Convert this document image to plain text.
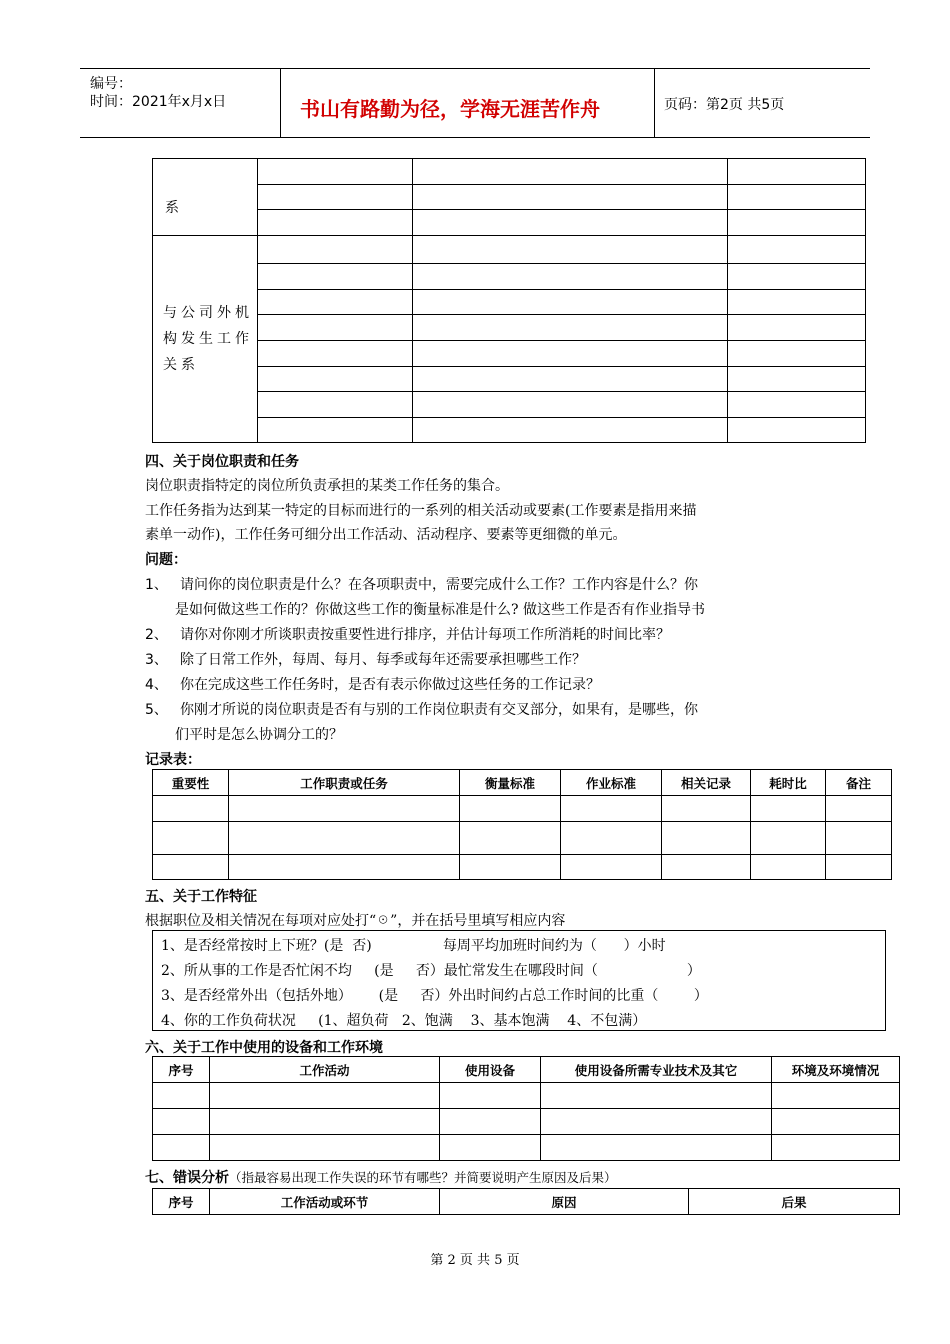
编号：
时间：2021年x月x日	书山有路勤为径，学海无涯苦作舟	页码：第2页 共5页
系			

与公司外机
构发生工作
关系			

四、关于岗位职责和任务
岗位职责指特定的岗位所负责承担的某类工作任务的集合。
工作任务指为达到某一特定的目标而进行的一系列的相关活动或要素(工作要素是指用来描
素单一动作)，工作任务可细分出工作活动、活动程序、要素等更细微的单元。
问题：
1、 请问你的岗位职责是什么？在各项职责中，需要完成什么工作？工作内容是什么？你
是如何做这些工作的？你做这些工作的衡量标准是什么? 做这些工作是否有作业指导书
2、 请你对你刚才所谈职责按重要性进行排序，并估计每项工作所消耗的时间比率？
3、 除了日常工作外，每周、每月、每季或每年还需要承担哪些工作？
4、 你在完成这些工作任务时，是否有表示你做过这些任务的工作记录？
5、 你刚才所说的岗位职责是否有与别的工作岗位职责有交叉部分，如果有，是哪些，你
们平时是怎么协调分工的？
记录表：
重要性	工作职责或任务	衡量标准	作业标准	相关记录	耗时比	备注

五、关于工作特征
根据职位及相关情况在每项对应处打“☉”，并在括号里填写相应内容
1、是否经常按时上下班？(是  否)                每周平均加班时间约为（      ）小时
2、所从事的工作是否忙闲不均     (是     否）最忙常发生在哪段时间（                    ）
3、是否经常外出（包括外地）      (是     否）外出时间约占总工作时间的比重（        ）
4、你的工作负荷状况     (1、超负荷   2、饱满    3、基本饱满    4、不包满）
六、关于工作中使用的设备和工作环境
序号	工作活动	使用设备	使用设备所需专业技术及其它	环境及环境情况

七、错误分析（指最容易出现工作失误的环节有哪些？并简要说明产生原因及后果）
序号	工作活动或环节	原因	后果
第 2 页 共 5 页
